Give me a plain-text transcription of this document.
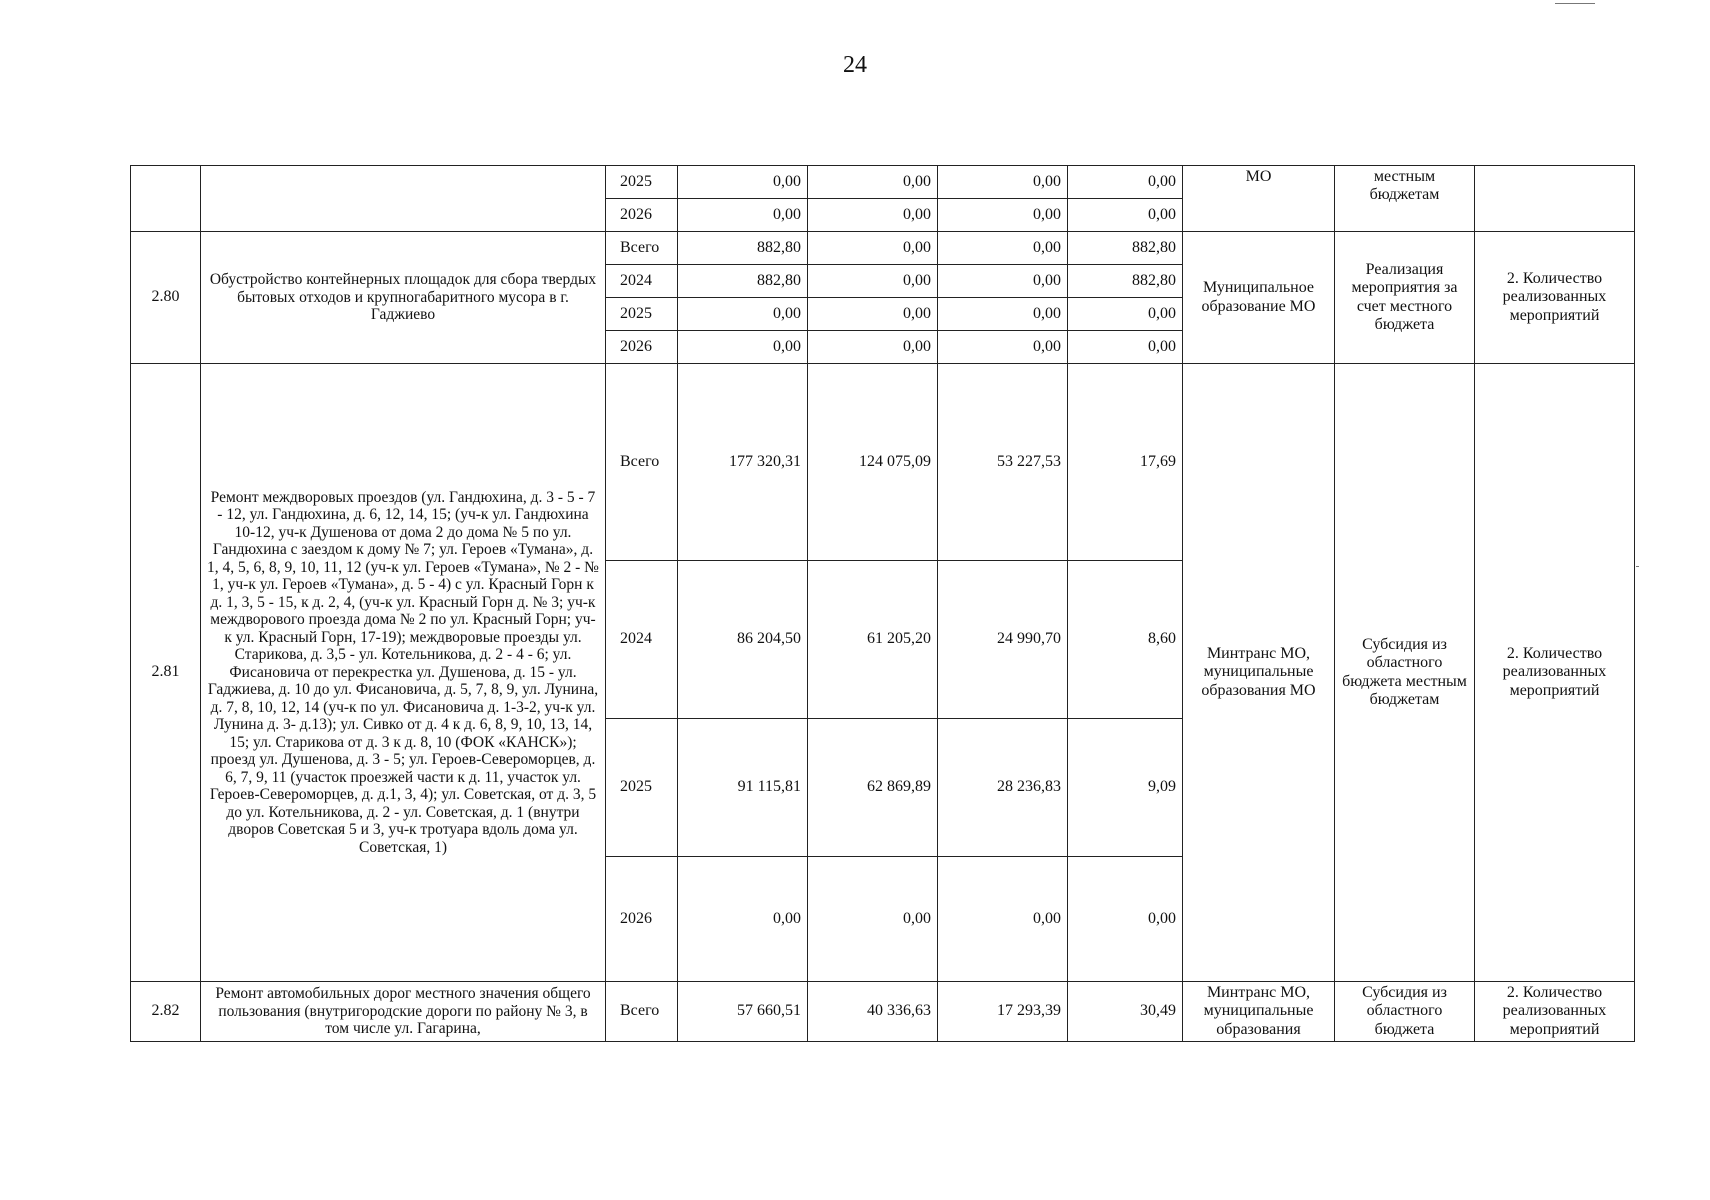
24
		2025	0,00	0,00	0,00	0,00	МО	местным бюджетам	
		2026	0,00	0,00	0,00	0,00			
2.80	Обустройство контейнерных площадок для сбора твердых бытовых отходов и крупногабаритного мусора в г. Гаджиево	Всего	882,80	0,00	0,00	882,80	Муниципальное образование МО	Реализация мероприятия за счет местного бюджета	2. Количество реализованных мероприятий
		2024	882,80	0,00	0,00	882,80			
		2025	0,00	0,00	0,00	0,00			
		2026	0,00	0,00	0,00	0,00			
2.81	Ремонт междворовых проездов (ул. Гандюхина, д. 3 - 5 - 7 - 12, ул. Гандюхина, д. 6, 12, 14, 15; (уч-к ул. Гандюхина 10-12, уч-к Душенова от дома 2 до дома № 5 по ул. Гандюхина с заездом к дому № 7; ул. Героев «Тумана», д. 1, 4, 5, 6, 8, 9, 10, 11, 12 (уч-к ул. Героев «Тумана», № 2 - № 1, уч-к ул. Героев «Тумана», д. 5 - 4) с ул. Красный Горн к д. 1, 3, 5 - 15, к д. 2, 4, (уч-к ул. Красный Горн д. № 3; уч-к междворового проезда дома № 2 по ул. Красный Горн; уч-к ул. Красный Горн, 17-19); междворовые проезды ул. Старикова, д. 3,5 - ул. Котельникова, д. 2 - 4 - 6; ул. Фисановича от перекрестка ул. Душенова, д. 15 - ул. Гаджиева, д. 10 до ул. Фисановича, д. 5, 7, 8, 9, ул. Лунина, д. 7, 8, 10, 12, 14 (уч-к по ул. Фисановича д. 1-3-2, уч-к ул. Лунина д. 3- д.13); ул. Сивко от д. 4 к д. 6, 8, 9, 10, 13, 14, 15; ул. Старикова от д. 3 к д. 8, 10 (ФОК «КАНСК»); проезд ул. Душенова, д. 3 - 5; ул. Героев-Североморцев, д. 6, 7, 9, 11 (участок проезжей части к д. 11, участок ул. Героев-Североморцев, д. д.1, 3, 4); ул. Советская, от д. 3, 5 до ул. Котельникова, д. 2 - ул. Советская, д. 1 (внутри дворов Советская 5 и 3, уч-к тротуара вдоль дома ул. Советская, 1)	Всего	177 320,31	124 075,09	53 227,53	17,69	Минтранс МО, муниципальные образования МО	Субсидия из областного бюджета местным бюджетам	2. Количество реализованных мероприятий
		2024	86 204,50	61 205,20	24 990,70	8,60			
		2025	91 115,81	62 869,89	28 236,83	9,09			
		2026	0,00	0,00	0,00	0,00			
2.82	Ремонт автомобильных дорог местного значения общего пользования (внутригородские дороги по району № 3, в том числе ул. Гагарина,	Всего	57 660,51	40 336,63	17 293,39	30,49	Минтранс МО, муниципальные образования	Субсидия из областного бюджета	2. Количество реализованных мероприятий
